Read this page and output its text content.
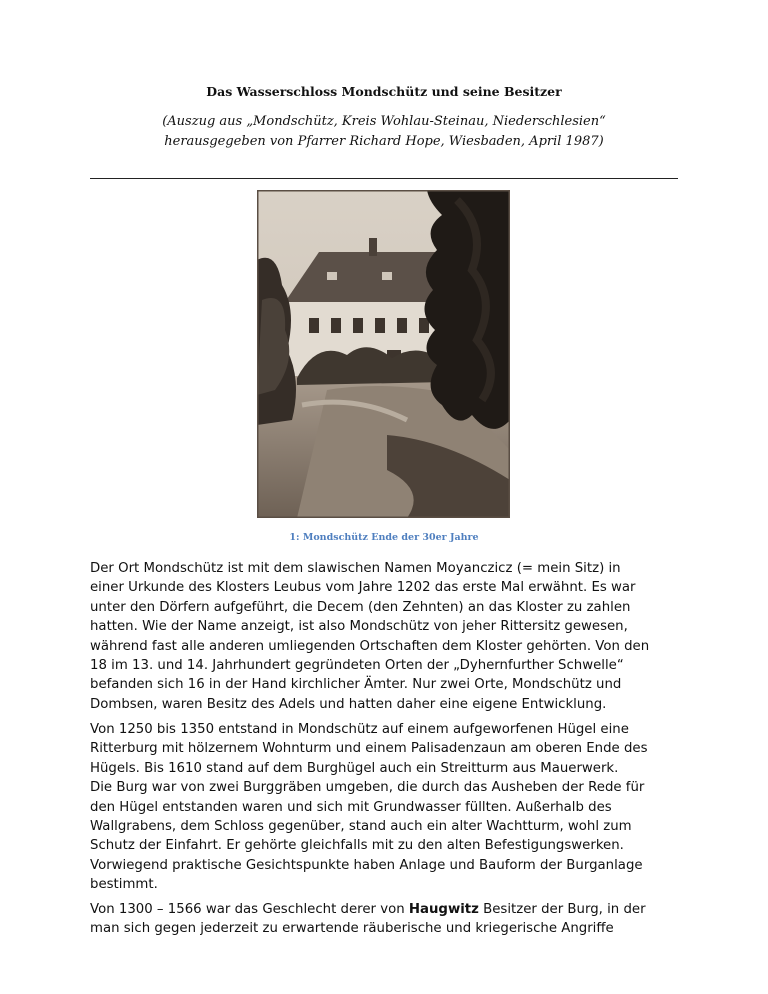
Das Wasserschloss Mondschütz und seine Besitzer
(Auszug aus „Mondschütz, Kreis Wohlau-Steinau, Niederschlesien“
herausgegeben von Pfarrer Richard Hope, Wiesbaden, April 1987)
1: Mondschütz Ende der 30er Jahre

Der Ort Mondschütz ist mit dem slawischen Namen Moyanczicz (= mein Sitz) in

einer Urkunde des Klosters Leubus vom Jahre 1202 das erste Mal erwähnt. Es war

unter den Dörfern aufgeführt, die Decem (den Zehnten) an das Kloster zu zahlen

hatten. Wie der Name anzeigt, ist also Mondschütz von jeher Rittersitz gewesen,

während fast alle anderen umliegenden Ortschaften dem Kloster gehörten. Von den

18 im 13. und 14. Jahrhundert gegründeten Orten der „Dyhernfurther Schwelle“

befanden sich 16 in der Hand kirchlicher Ämter. Nur zwei Orte, Mondschütz und

Dombsen, waren Besitz des Adels und hatten daher eine eigene Entwicklung.

Von 1250 bis 1350 entstand in Mondschütz auf einem aufgeworfenen Hügel eine

Ritterburg mit hölzernem Wohnturm und einem Palisadenzaun am oberen Ende des

Hügels. Bis 1610 stand auf dem Burghügel auch ein Streitturm aus Mauerwerk.

Die Burg war von zwei Burggräben umgeben, die durch das Ausheben der Rede für

den Hügel entstanden waren und sich mit Grundwasser füllten. Außerhalb des

Wallgrabens, dem Schloss gegenüber, stand auch ein alter Wachtturm, wohl zum

Schutz der Einfahrt. Er gehörte gleichfalls mit zu den alten Befestigungswerken.

Vorwiegend praktische Gesichtspunkte haben Anlage und Bauform der Burganlage

bestimmt.

Von 1300 – 1566 war das Geschlecht derer von Haugwitz Besitzer der Burg, in der

man sich gegen jederzeit zu erwartende räuberische und kriegerische Angriffe
